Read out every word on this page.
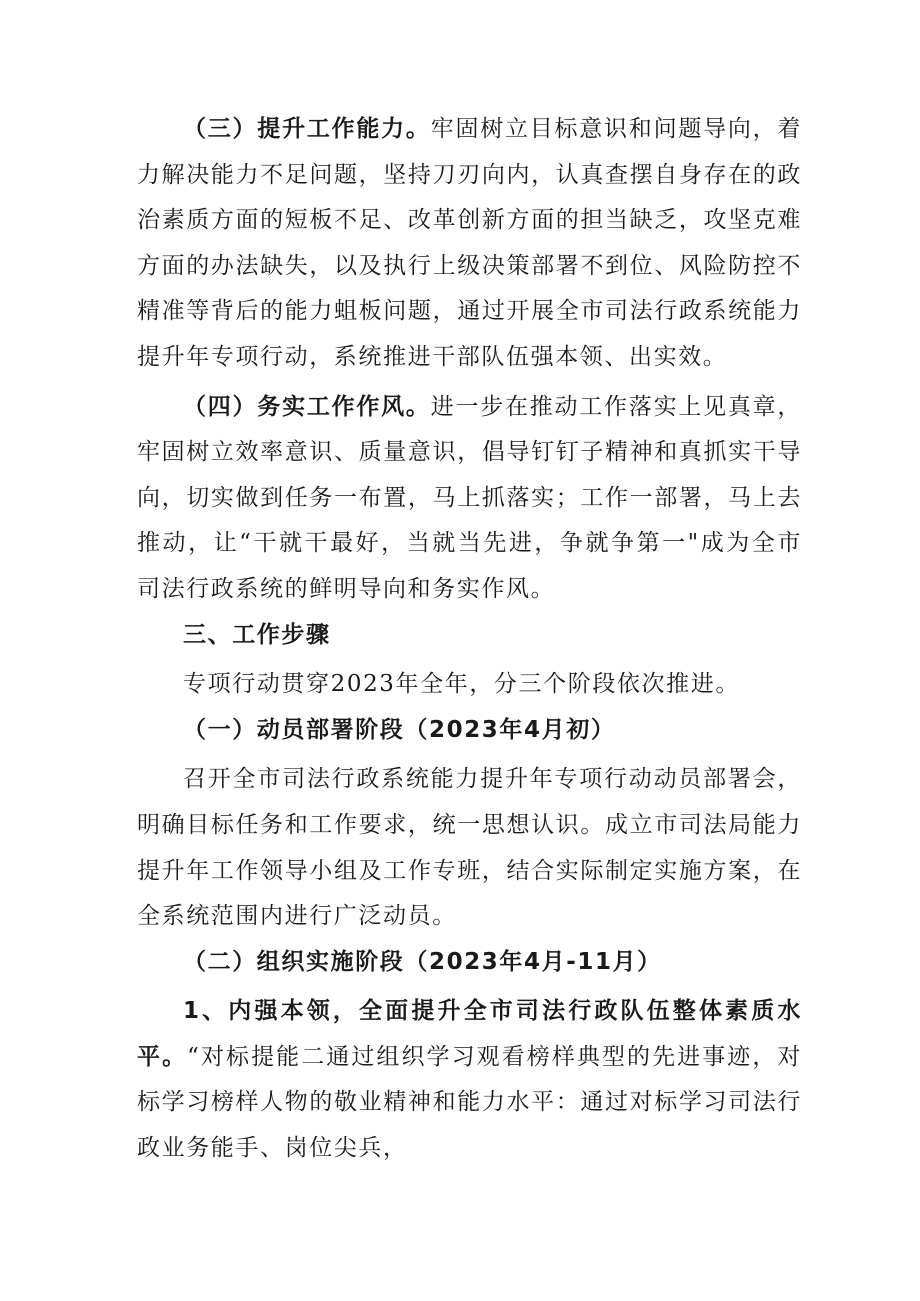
（三）提升工作能力。牢固树立目标意识和问题导向，着力解决能力不足问题，坚持刀刃向内，认真查摆自身存在的政治素质方面的短板不足、改革创新方面的担当缺乏，攻坚克难方面的办法缺失，以及执行上级决策部署不到位、风险防控不精准等背后的能力蛆板问题，通过开展全市司法行政系统能力提升年专项行动，系统推进干部队伍强本领、出实效。

（四）务实工作作风。进一步在推动工作落实上见真章，牢固树立效率意识、质量意识，倡导钉钉子精神和真抓实干导向，切实做到任务一布置，马上抓落实；工作一部署，马上去推动，让“干就干最好，当就当先进，争就争第一"成为全市司法行政系统的鲜明导向和务实作风。

三、工作步骤

专项行动贯穿2023年全年，分三个阶段依次推进。

（一）动员部署阶段（2023年4月初）

召开全市司法行政系统能力提升年专项行动动员部署会，明确目标任务和工作要求，统一思想认识。成立市司法局能力提升年工作领导小组及工作专班，结合实际制定实施方案，在全系统范围内进行广泛动员。

（二）组织实施阶段（2023年4月-11月）

1、内强本领，全面提升全市司法行政队伍整体素质水平。“对标提能二通过组织学习观看榜样典型的先进事迹，对标学习榜样人物的敬业精神和能力水平：通过对标学习司法行政业务能手、岗位尖兵，
